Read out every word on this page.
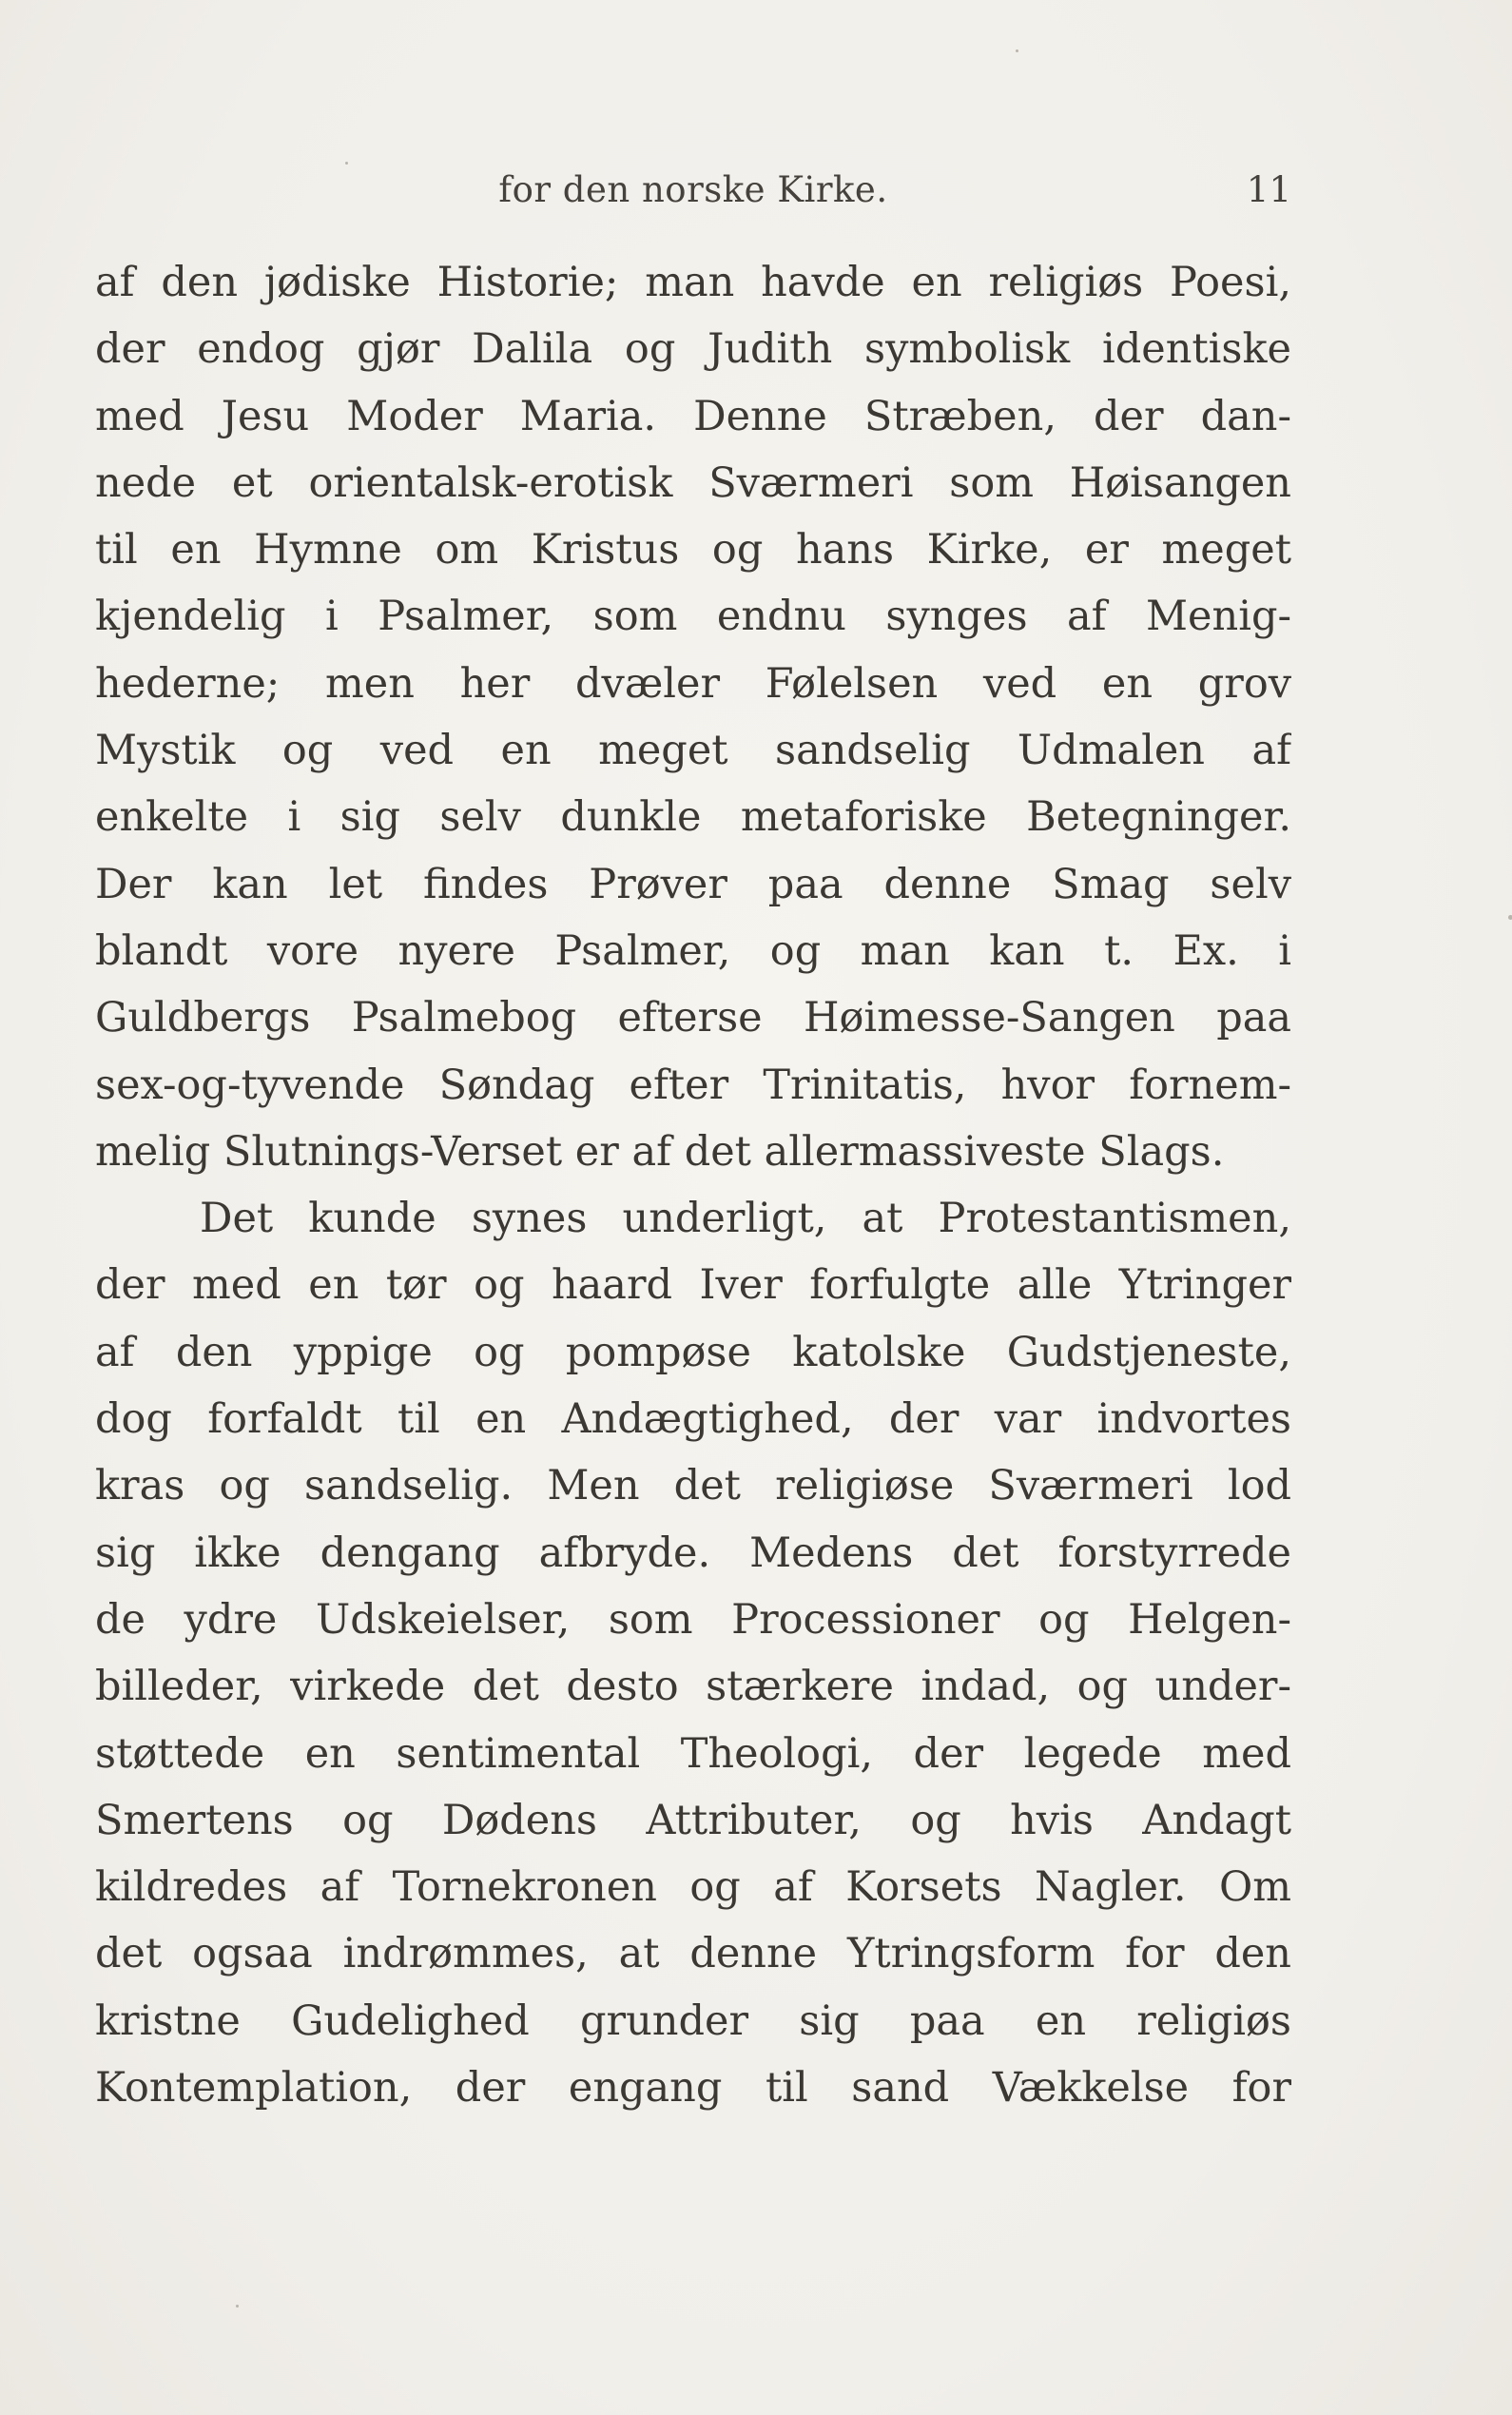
for den norske Kirke.	11
af den jødiske Historie; man havde en religiøs Poesi,
der endog gjør Dalila og Judith symbolisk identiske
med Jesu Moder Maria. Denne Stræben, der dan-
nede et orientalsk-erotisk Sværmeri som Høisangen
til en Hymne om Kristus og hans Kirke, er meget
kjendelig i Psalmer, som endnu synges af Menig-
hederne; men her dvæler Følelsen ved en grov
Mystik og ved en meget sandselig Udmalen af
enkelte i sig selv dunkle metaforiske Betegninger.
Der kan let findes Prøver paa denne Smag selv
blandt vore nyere Psalmer, og man kan t. Ex. i
Guldbergs Psalmebog efterse Høimesse-Sangen paa
sex-og-tyvende Søndag efter Trinitatis, hvor fornem-
melig Slutnings-Verset er af det allermassiveste Slags.
Det kunde synes underligt, at Protestantismen,
der med en tør og haard Iver forfulgte alle Ytringer
af den yppige og pompøse katolske Gudstjeneste,
dog forfaldt til en Andægtighed, der var indvortes
kras og sandselig. Men det religiøse Sværmeri lod
sig ikke dengang afbryde. Medens det forstyrrede
de ydre Udskeielser, som Processioner og Helgen-
billeder, virkede det desto stærkere indad, og under-
støttede en sentimental Theologi, der legede med
Smertens og Dødens Attributer, og hvis Andagt
kildredes af Tornekronen og af Korsets Nagler. Om
det ogsaa indrømmes, at denne Ytringsform for den
kristne Gudelighed grunder sig paa en religiøs
Kontemplation, der engang til sand Vækkelse for
